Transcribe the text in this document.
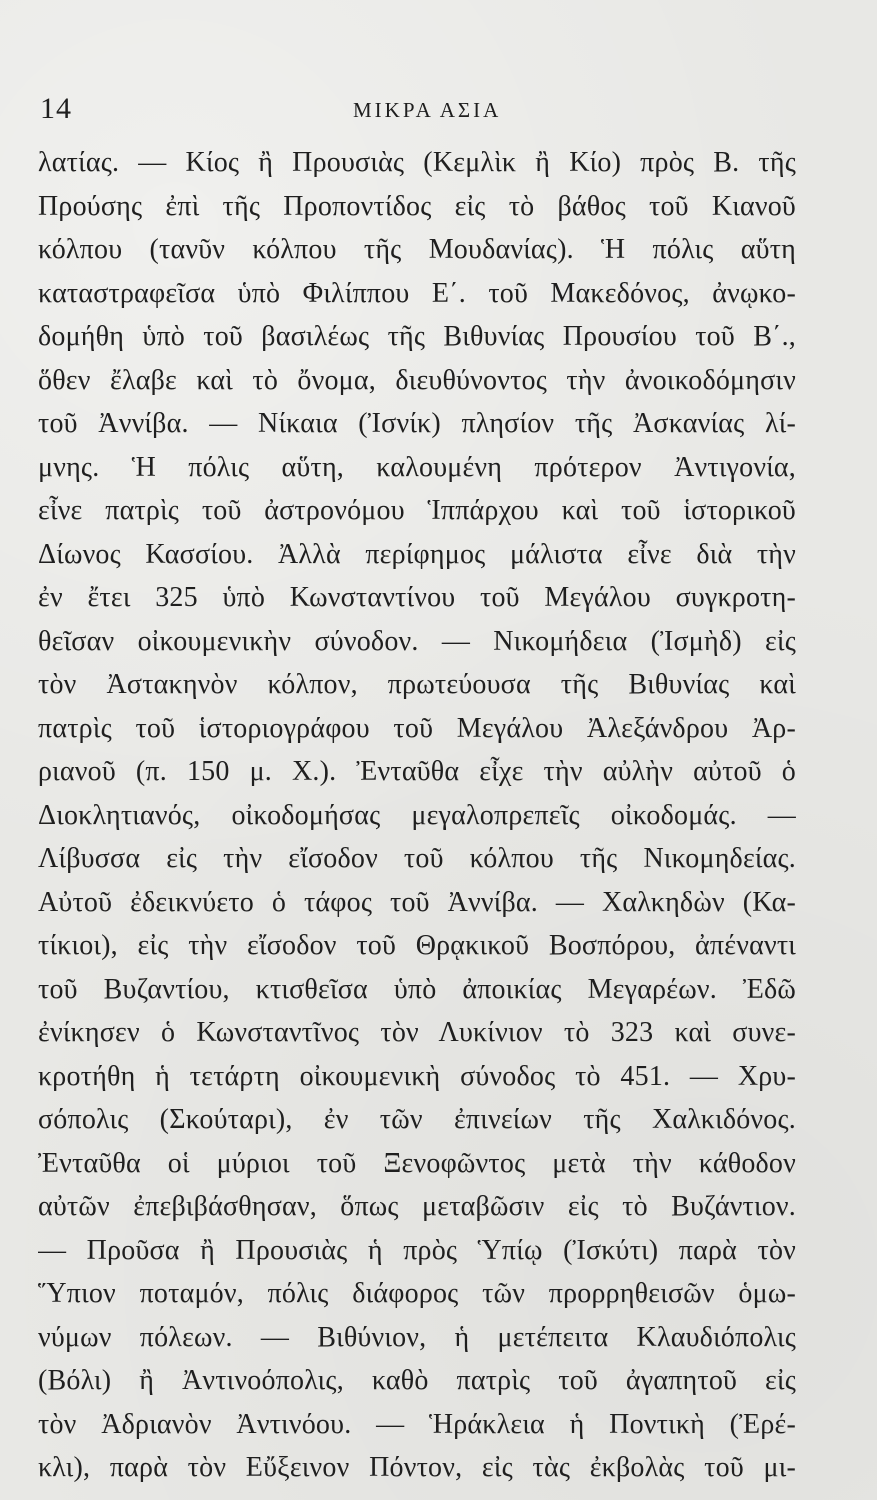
14	ΜΙΚΡΑ ΑΣΙΑ
λατίας. — Κίος ἢ Προυσιὰς (Κεμλὶκ ἢ Κίο) πρὸς Β. τῆς
Προύσης ἐπὶ τῆς Προποντίδος εἰς τὸ βάθος τοῦ Κιανοῦ
κόλπου (τανῦν κόλπου τῆς Μουδανίας). Ἡ πόλις αὕτη
καταστραφεῖσα ὑπὸ Φιλίππου Ε΄. τοῦ Μακεδόνος, ἀνῳκο-
δομήθη ὑπὸ τοῦ βασιλέως τῆς Βιθυνίας Προυσίου τοῦ Β΄.,
ὅθεν ἔλαβε καὶ τὸ ὄνομα, διευθύνοντος τὴν ἀνοικοδόμησιν
τοῦ Ἀννίβα. — Νίκαια (Ἰσνίκ) πλησίον τῆς Ἀσκανίας λί-
μνης. Ἡ πόλις αὕτη, καλουμένη πρότερον Ἀντιγονία,
εἶνε πατρὶς τοῦ ἀστρονόμου Ἱππάρχου καὶ τοῦ ἱστορικοῦ
Δίωνος Κασσίου. Ἀλλὰ περίφημος μάλιστα εἶνε διὰ τὴν
ἐν ἔτει 325 ὑπὸ Κωνσταντίνου τοῦ Μεγάλου συγκροτη-
θεῖσαν οἰκουμενικὴν σύνοδον. — Νικομήδεια (Ἰσμὴδ) εἰς
τὸν Ἀστακηνὸν κόλπον, πρωτεύουσα τῆς Βιθυνίας καὶ
πατρὶς τοῦ ἱστοριογράφου τοῦ Μεγάλου Ἀλεξάνδρου Ἀρ-
ριανοῦ (π. 150 μ. Χ.). Ἐνταῦθα εἶχε τὴν αὐλὴν αὐτοῦ ὁ
Διοκλητιανός, οἰκοδομήσας μεγαλοπρεπεῖς οἰκοδομάς. —
Λίβυσσα εἰς τὴν εἴσοδον τοῦ κόλπου τῆς Νικομηδείας.
Αὐτοῦ ἐδεικνύετο ὁ τάφος τοῦ Ἀννίβα. — Χαλκηδὼν (Κα-
τίκιοι), εἰς τὴν εἴσοδον τοῦ Θρᾳκικοῦ Βοσπόρου, ἀπέναντι
τοῦ Βυζαντίου, κτισθεῖσα ὑπὸ ἀποικίας Μεγαρέων. Ἐδῶ
ἐνίκησεν ὁ Κωνσταντῖνος τὸν Λυκίνιον τὸ 323 καὶ συνε-
κροτήθη ἡ τετάρτη οἰκουμενικὴ σύνοδος τὸ 451. — Χρυ-
σόπολις (Σκούταρι), ἐν τῶν ἐπινείων τῆς Χαλκιδόνος.
Ἐνταῦθα οἱ μύριοι τοῦ Ξενοφῶντος μετὰ τὴν κάθοδον
αὐτῶν ἐπεβιβάσθησαν, ὅπως μεταβῶσιν εἰς τὸ Βυζάντιον.
— Προῦσα ἢ Προυσιὰς ἡ πρὸς Ὑπίῳ (Ἰσκύτι) παρὰ τὸν
Ὕπιον ποταμόν, πόλις διάφορος τῶν προρρηθεισῶν ὁμω-
νύμων πόλεων. — Βιθύνιον, ἡ μετέπειτα Κλαυδιόπολις
(Βόλι) ἢ Ἀντινοόπολις, καθὸ πατρὶς τοῦ ἀγαπητοῦ εἰς
τὸν Ἀδριανὸν Ἀντινόου. — Ἡράκλεια ἡ Ποντικὴ (Ἐρέ-
κλι), παρὰ τὸν Εὔξεινον Πόντον, εἰς τὰς ἐκβολὰς τοῦ μι-
